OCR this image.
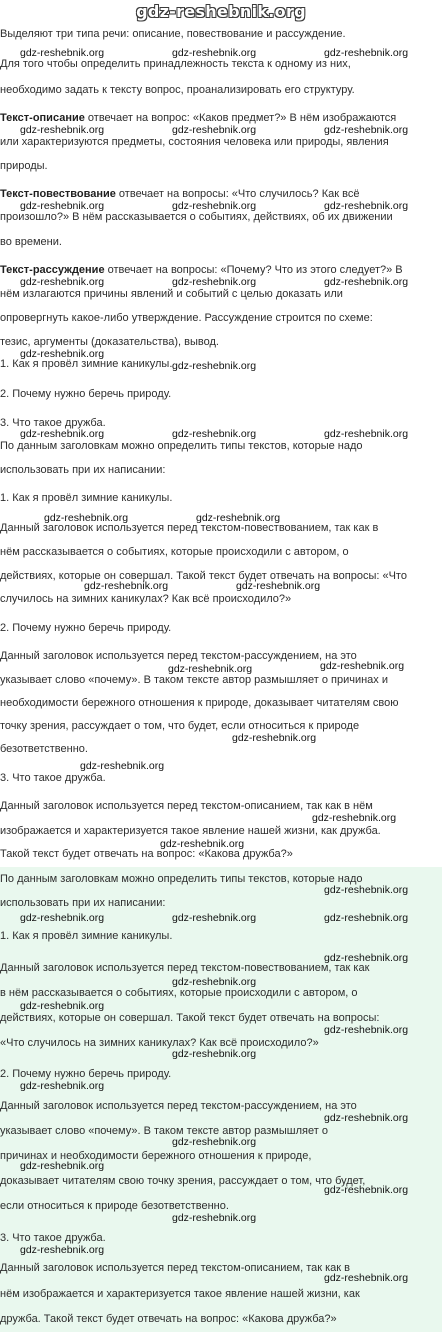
gdz-reshebnik.org
Выделяют три типа речи: описание, повествование и рассуждение.
Для того чтобы определить принадлежность текста к одному из них,
необходимо задать к тексту вопрос, проанализировать его структуру.
Текст-описание отвечает на вопрос: «Каков предмет?» В нём изображаются
или характеризуются предметы, состояния человека или природы, явления
природы.
Текст-повествование отвечает на вопросы: «Что случилось? Как всё
произошло?» В нём рассказывается о событиях, действиях, об их движении
во времени.
Текст-рассуждение отвечает на вопросы: «Почему? Что из этого следует?» В
нём излагаются причины явлений и событий с целью доказать или
опровергнуть какое-либо утверждение. Рассуждение строится по схеме:
тезис, аргументы (доказательства), вывод.
1. Как я провёл зимние каникулы.
2. Почему нужно беречь природу.
3. Что такое дружба.
По данным заголовкам можно определить типы текстов, которые надо
использовать при их написании:
1. Как я провёл зимние каникулы.
Данный заголовок используется перед текстом-повествованием, так как в
нём рассказывается о событиях, которые происходили с автором, о
действиях, которые он совершал. Такой текст будет отвечать на вопросы: «Что
случилось на зимних каникулах? Как всё происходило?»
2. Почему нужно беречь природу.
Данный заголовок используется перед текстом-рассуждением, на это
указывает слово «почему». В таком тексте автор размышляет о причинах и
необходимости бережного отношения к природе, доказывает читателям свою
точку зрения, рассуждает о том, что будет, если относиться к природе
безответственно.
3. Что такое дружба.
Данный заголовок используется перед текстом-описанием, так как в нём
изображается и характеризуется такое явление нашей жизни, как дружба.
Такой текст будет отвечать на вопрос: «Какова дружба?»
По данным заголовкам можно определить типы текстов, которые надо
использовать при их написании:
1. Как я провёл зимние каникулы.
Данный заголовок используется перед текстом-повествованием, так как
в нём рассказывается о событиях, которые происходили с автором, о
действиях, которые он совершал. Такой текст будет отвечать на вопросы:
«Что случилось на зимних каникулах? Как всё происходило?»
2. Почему нужно беречь природу.
Данный заголовок используется перед текстом-рассуждением, на это
указывает слово «почему». В таком тексте автор размышляет о
причинах и необходимости бережного отношения к природе,
доказывает читателям свою точку зрения, рассуждает о том, что будет,
если относиться к природе безответственно.
3. Что такое дружба.
Данный заголовок используется перед текстом-описанием, так как в
нём изображается и характеризуется такое явление нашей жизни, как
дружба. Такой текст будет отвечать на вопрос: «Какова дружба?»
gdz-reshebnik.org	gdz-reshebnik.org	gdz-reshebnik.org
gdz-reshebnik.org	gdz-reshebnik.org	gdz-reshebnik.org
gdz-reshebnik.org	gdz-reshebnik.org	gdz-reshebnik.org
gdz-reshebnik.org	gdz-reshebnik.org	gdz-reshebnik.org
gdz-reshebnik.org
gdz-reshebnik.org
gdz-reshebnik.org	gdz-reshebnik.org	gdz-reshebnik.org
gdz-reshebnik.org	gdz-reshebnik.org
gdz-reshebnik.org	gdz-reshebnik.org
gdz-reshebnik.org
gdz-reshebnik.org
gdz-reshebnik.org
gdz-reshebnik.org
gdz-reshebnik.org
gdz-reshebnik.org
gdz-reshebnik.org
gdz-reshebnik.org	gdz-reshebnik.org	gdz-reshebnik.org
gdz-reshebnik.org
gdz-reshebnik.org
gdz-reshebnik.org
gdz-reshebnik.org
gdz-reshebnik.org
gdz-reshebnik.org
gdz-reshebnik.org
gdz-reshebnik.org
gdz-reshebnik.org
gdz-reshebnik.org
gdz-reshebnik.org
gdz-reshebnik.org
gdz-reshebnik.org
